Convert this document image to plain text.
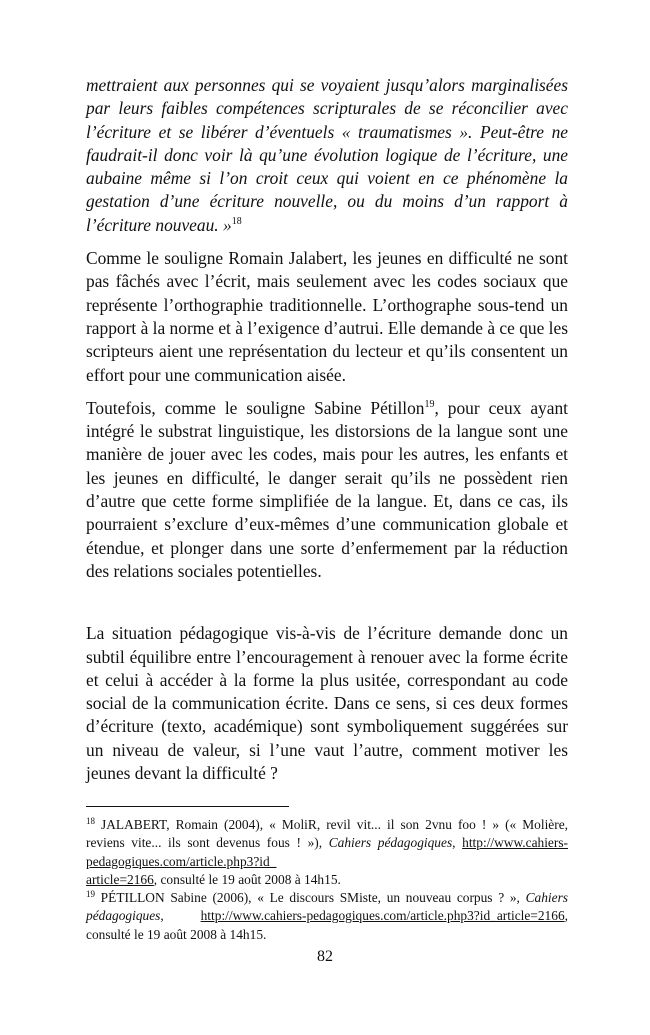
mettraient aux personnes qui se voyaient jusqu’alors marginalisées par leurs faibles compétences scripturales de se réconcilier avec l’écriture et se libérer d’éventuels « traumatismes ». Peut-être ne faudrait-il donc voir là qu’une évolution logique de l’écriture, une aubaine même si l’on croit ceux qui voient en ce phénomène la gestation d’une écriture nouvelle, ou du moins d’un rapport à l’écriture nouveau. »$^{18}$

Comme le souligne Romain Jalabert, les jeunes en difficulté ne sont pas fâchés avec l’écrit, mais seulement avec les codes sociaux que représente l’orthographie traditionnelle. L’orthographe sous-tend un rapport à la norme et à l’exigence d’autrui. Elle demande à ce que les scripteurs aient une représentation du lecteur et qu’ils consentent un effort pour une communication aisée.

Toutefois, comme le souligne Sabine Pétillon$^{19}$, pour ceux ayant intégré le substrat linguistique, les distorsions de la langue sont une manière de jouer avec les codes, mais pour les autres, les enfants et les jeunes en difficulté, le danger serait qu’ils ne possèdent rien d’autre que cette forme simplifiée de la langue. Et, dans ce cas, ils pourraient s’exclure d’eux-mêmes d’une communication globale et étendue, et plonger dans une sorte d’enfermement par la réduction des relations sociales potentielles.

La situation pédagogique vis-à-vis de l’écriture demande donc un subtil équilibre entre l’encouragement à renouer avec la forme écrite et celui à accéder à la forme la plus usitée, correspondant au code social de la communication écrite. Dans ce sens, si ces deux formes d’écriture (texto, académique) sont symboliquement suggérées sur un niveau de valeur, si l’une vaut l’autre, comment motiver les jeunes devant la difficulté ?

$^{18}$ JALABERT, Romain (2004), « MoliR, revil vit... il son 2vnu foo ! » (« Molière, reviens vite... ils sont devenus fous ! »), Cahiers pédagogiques, http://www.cahiers-pedagogiques.com/article.php3?id_
article=2166, consulté le 19 août 2008 à 14h15.

$^{19}$ PÉTILLON Sabine (2006), « Le discours SMiste, un nouveau corpus ? », Cahiers pédagogiques, http://www.cahiers-pedagogiques.com/article.php3?id_article=2166, consulté le 19 août 2008 à 14h15.

82
